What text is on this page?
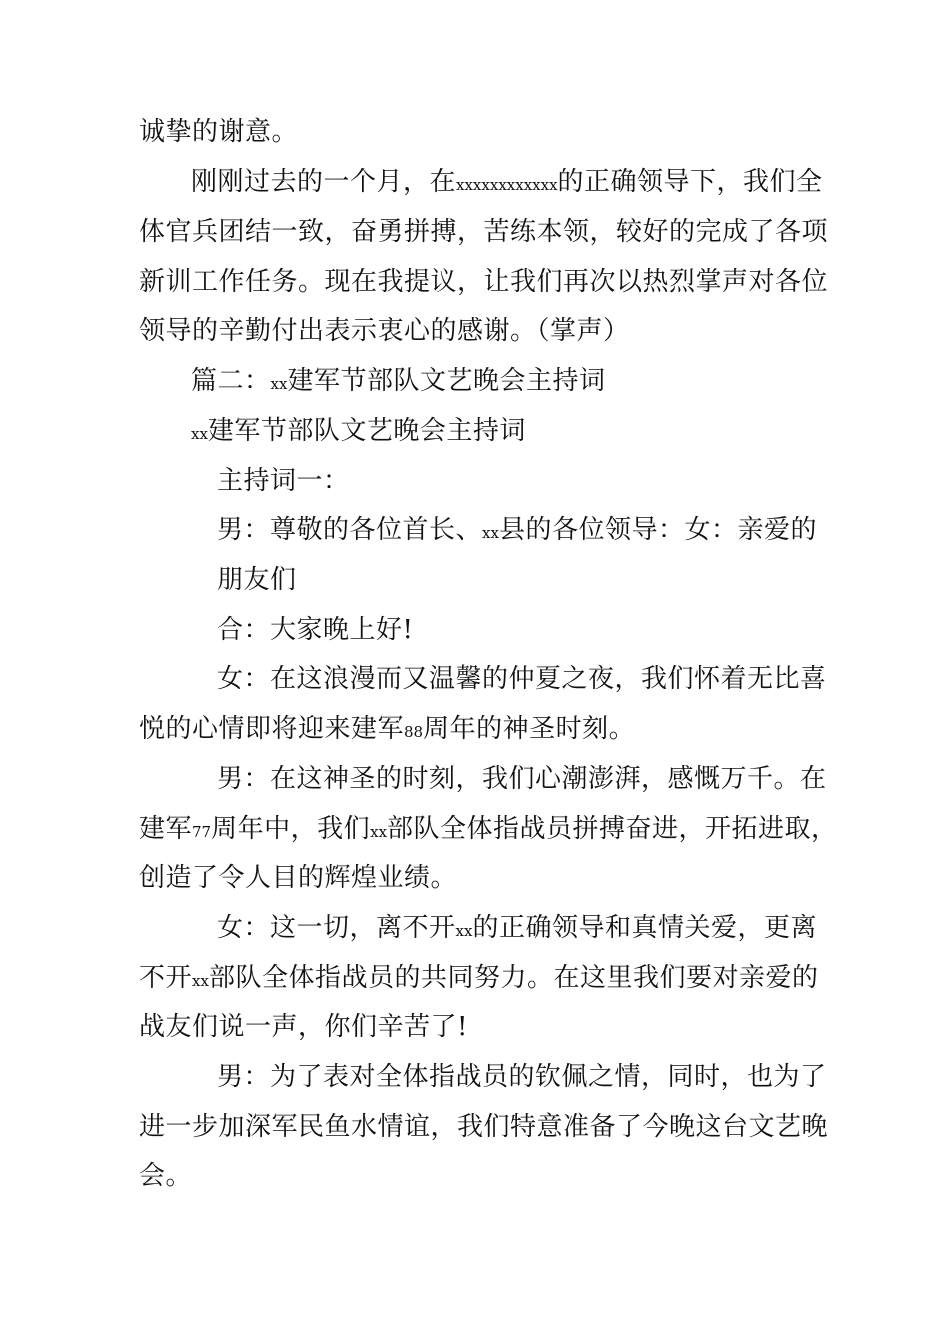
诚挚的谢意。
刚刚过去的一个月，在xxxxxxxxxxxx的正确领导下，我们全
体官兵团结一致，奋勇拼搏，苦练本领，较好的完成了各项
新训工作任务。现在我提议，让我们再次以热烈掌声对各位
领导的辛勤付出表示衷心的感谢。（掌声）
篇二：xx建军节部队文艺晚会主持词
xx建军节部队文艺晚会主持词
主持词一：
男：尊敬的各位首长、xx县的各位领导：女：亲爱的
朋友们
合：大家晚上好!
女：在这浪漫而又温馨的仲夏之夜，我们怀着无比喜
悦的心情即将迎来建军88周年的神圣时刻。
男：在这神圣的时刻，我们心潮澎湃，感慨万千。在
建军77周年中，我们xx部队全体指战员拼搏奋进，开拓进取，
创造了令人目的辉煌业绩。
女：这一切，离不开xx的正确领导和真情关爱，更离
不开xx部队全体指战员的共同努力。在这里我们要对亲爱的
战友们说一声，你们辛苦了!
男：为了表对全体指战员的钦佩之情，同时，也为了
进一步加深军民鱼水情谊，我们特意准备了今晚这台文艺晚
会。
